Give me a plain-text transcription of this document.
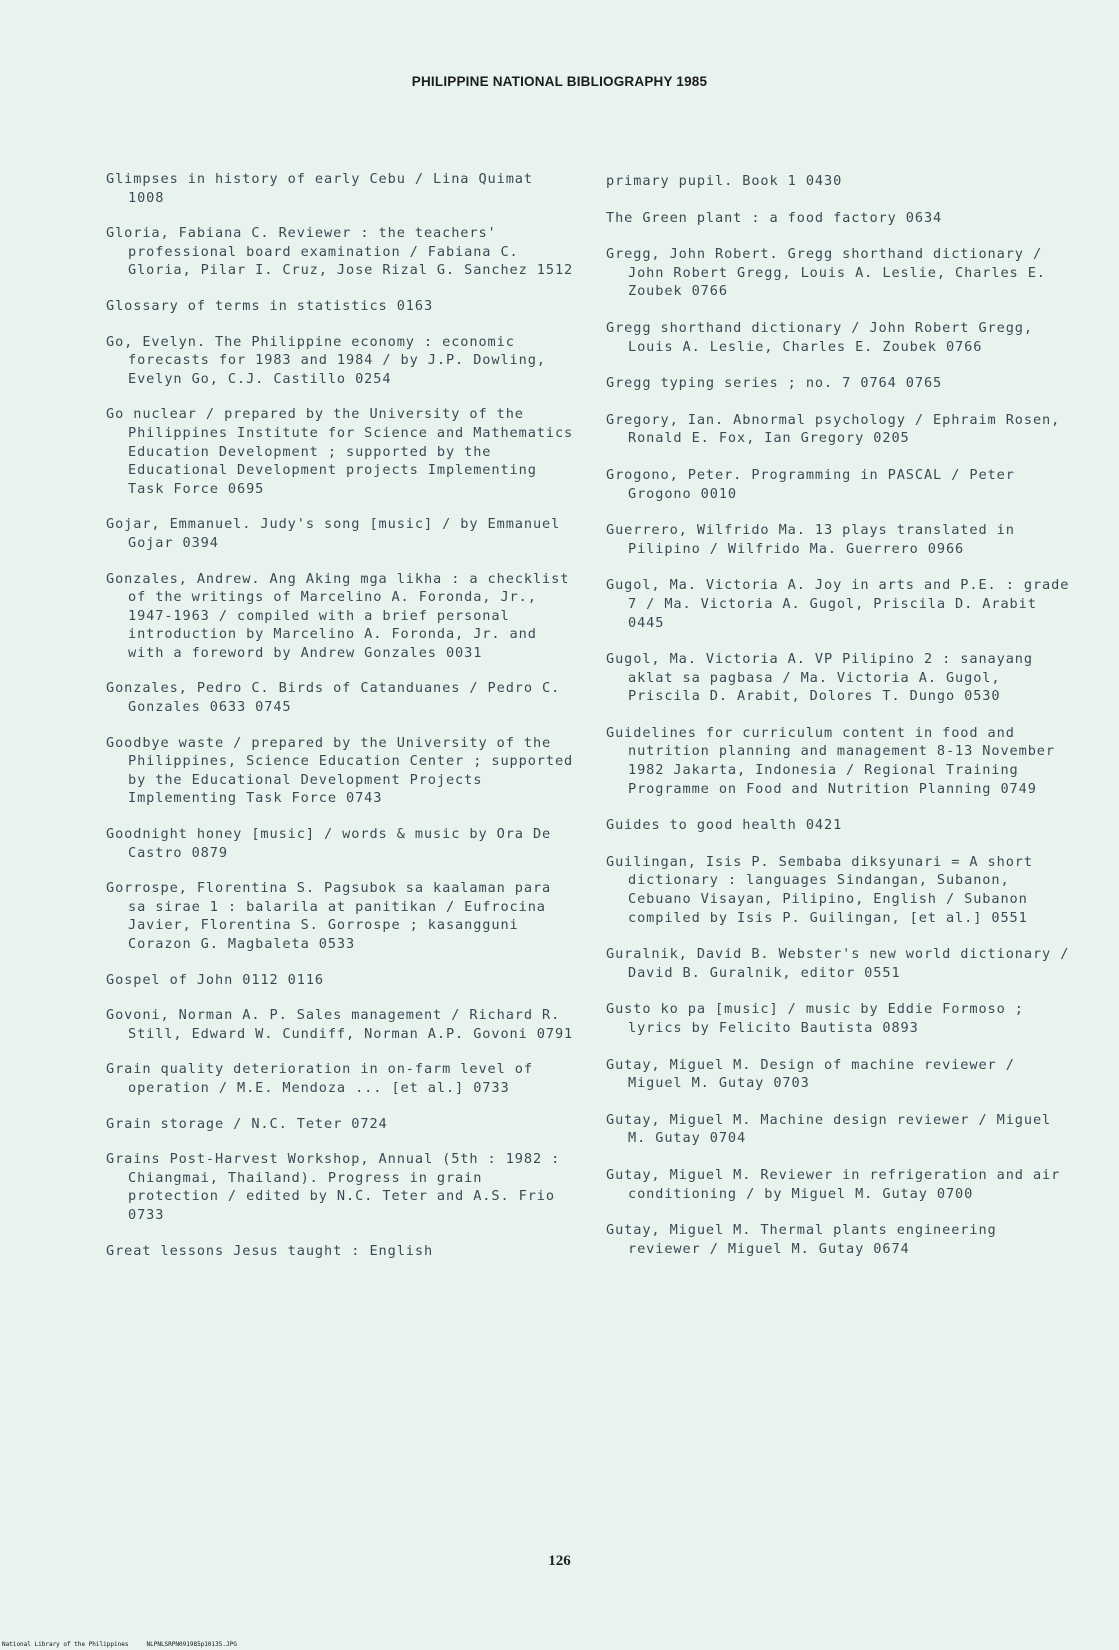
PHILIPPINE NATIONAL BIBLIOGRAPHY 1985
Glimpses in history of early Cebu / Lina Quimat 1008
Gloria, Fabiana C. Reviewer : the teachers' professional board examination / Fabiana C. Gloria, Pilar I. Cruz, Jose Rizal G. Sanchez 1512
Glossary of terms in statistics 0163
Go, Evelyn. The Philippine economy : economic forecasts for 1983 and 1984 / by J.P. Dowling, Evelyn Go, C.J. Castillo 0254
Go nuclear / prepared by the University of the Philippines Institute for Science and Mathematics Education Development ; supported by the Educational Development projects Implementing Task Force 0695
Gojar, Emmanuel. Judy's song [music] / by Emmanuel Gojar 0394
Gonzales, Andrew. Ang Aking mga likha : a checklist of the writings of Marcelino A. Foronda, Jr., 1947-1963 / compiled with a brief personal introduction by Marcelino A. Foronda, Jr. and with a foreword by Andrew Gonzales 0031
Gonzales, Pedro C. Birds of Catanduanes / Pedro C. Gonzales 0633 0745
Goodbye waste / prepared by the University of the Philippines, Science Education Center ; supported by the Educational Development Projects Implementing Task Force 0743
Goodnight honey [music] / words & music by Ora De Castro 0879
Gorrospe, Florentina S. Pagsubok sa kaalaman para sa sirae 1 : balarila at panitikan / Eufrocina Javier, Florentina S. Gorrospe ; kasangguni Corazon G. Magbaleta 0533
Gospel of John 0112 0116
Govoni, Norman A. P. Sales management / Richard R. Still, Edward W. Cundiff, Norman A.P. Govoni 0791
Grain quality deterioration in on-farm level of operation / M.E. Mendoza ... [et al.] 0733
Grain storage / N.C. Teter 0724
Grains Post-Harvest Workshop, Annual (5th : 1982 : Chiangmai, Thailand). Progress in grain protection / edited by N.C. Teter and A.S. Frio 0733
Great lessons Jesus taught : English
primary pupil. Book 1 0430
The Green plant : a food factory 0634
Gregg, John Robert. Gregg shorthand dictionary / John Robert Gregg, Louis A. Leslie, Charles E. Zoubek 0766
Gregg shorthand dictionary / John Robert Gregg, Louis A. Leslie, Charles E. Zoubek 0766
Gregg typing series ; no. 7 0764 0765
Gregory, Ian. Abnormal psychology / Ephraim Rosen, Ronald E. Fox, Ian Gregory 0205
Grogono, Peter. Programming in PASCAL / Peter Grogono 0010
Guerrero, Wilfrido Ma. 13 plays translated in Pilipino / Wilfrido Ma. Guerrero 0966
Gugol, Ma. Victoria A. Joy in arts and P.E. : grade 7 / Ma. Victoria A. Gugol, Priscila D. Arabit 0445
Gugol, Ma. Victoria A. VP Pilipino 2 : sanayang aklat sa pagbasa / Ma. Victoria A. Gugol, Priscila D. Arabit, Dolores T. Dungo 0530
Guidelines for curriculum content in food and nutrition planning and management 8-13 November 1982 Jakarta, Indonesia / Regional Training Programme on Food and Nutrition Planning 0749
Guides to good health 0421
Guilingan, Isis P. Sembaba diksyunari = A short dictionary : languages Sindangan, Subanon, Cebuano Visayan, Pilipino, English / Subanon compiled by Isis P. Guilingan, [et al.] 0551
Guralnik, David B. Webster's new world dictionary / David B. Guralnik, editor 0551
Gusto ko pa [music] / music by Eddie Formoso ; lyrics by Felicito Bautista 0893
Gutay, Miguel M. Design of machine reviewer / Miguel M. Gutay 0703
Gutay, Miguel M. Machine design reviewer / Miguel M. Gutay 0704
Gutay, Miguel M. Reviewer in refrigeration and air conditioning / by Miguel M. Gutay 0700
Gutay, Miguel M. Thermal plants engineering reviewer / Miguel M. Gutay 0674
126
National Library of the Philippines     NLPNLSRPN091985p10135.JPG
